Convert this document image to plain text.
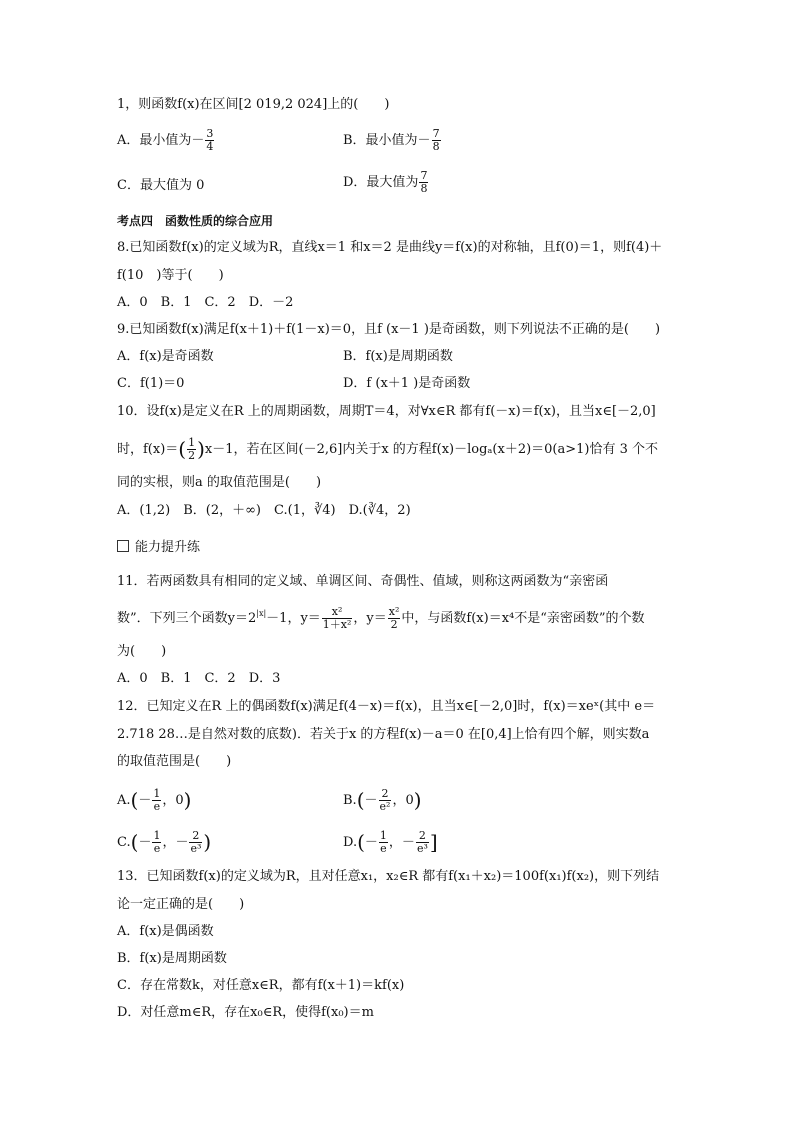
1，则函数f(x)在区间[2 019,2 024]上的(　　)
A．最小值为－ $\frac{3}{4}$	B．最小值为－ $\frac{7}{8}$
C．最大值为 0	D．最大值为 $\frac{7}{8}$
考点四　函数性质的综合应用
8.已知函数f(x)的定义域为R，直线x＝1 和x＝2 是曲线y＝f(x)的对称轴，且f(0)＝1，则f(4)＋
f(10　)等于(　　)
A．0　B．1　C．2　D．－2
9.已知函数f(x)满足f(x＋1)＋f(1－x)＝0，且f (x－1 )是奇函数，则下列说法不正确的是(　　)
A．f(x)是奇函数	B．f(x)是周期函数
C．f(1)＝0	D．f (x＋1 )是奇函数
10．设f(x)是定义在R 上的周期函数，周期T＝4，对∀x∈R 都有f(－x)＝f(x)，且当x∈[－2,0]
时，$f(x)=( \frac{1}{2} )x-1$，若在区间(－2,6]内关于x 的方程f(x)－logₐ(x＋2)＝0(a>1)恰有 3 个不
同的实根，则a 的取值范围是(　　)
A．(1,2)　B．(2，＋∞)　C.(1，∛4)　D.(∛4，2)
能力提升练
11．若两函数具有相同的定义域、单调区间、奇偶性、值域，则称这两函数为“亲密函
数”．下列三个函数$y=2^{|x|}-1$，$y= \frac{\text{x²}}{\text{1＋x²}}$ ，$y= \frac{\text{x²}}{2}$ 中，与函数f(x)＝x⁴不是“亲密函数”的个数
为(　　)
A．0　B．1　C．2　D．3
12．已知定义在R 上的偶函数f(x)满足f(4－x)＝f(x)，且当x∈[－2,0]时，f(x)＝xeˣ(其中 e＝
2.718 28…是自然对数的底数)．若关于x 的方程f(x)－a＝0 在[0,4]上恰有四个解，则实数a
的取值范围是(　　)
$A.(- \frac{1}{e}$ ，0)	$B.(- \frac{2}{\text{e²}}$ ，0)
$C.(- \frac{1}{e}$ ，－ $\frac{2}{\text{e³}}$ )	$D.(- \frac{1}{e}$ ，－ $\frac{2}{\text{e³}}$ ]
13．已知函数f(x)的定义域为R，且对任意x₁，x₂∈R 都有f(x₁＋x₂)＝100f(x₁)f(x₂)，则下列结
论一定正确的是(　　)
A．f(x)是偶函数
B．f(x)是周期函数
C．存在常数k，对任意x∈R，都有f(x＋1)＝kf(x)
D．对任意m∈R，存在x₀∈R，使得f(x₀)＝m
